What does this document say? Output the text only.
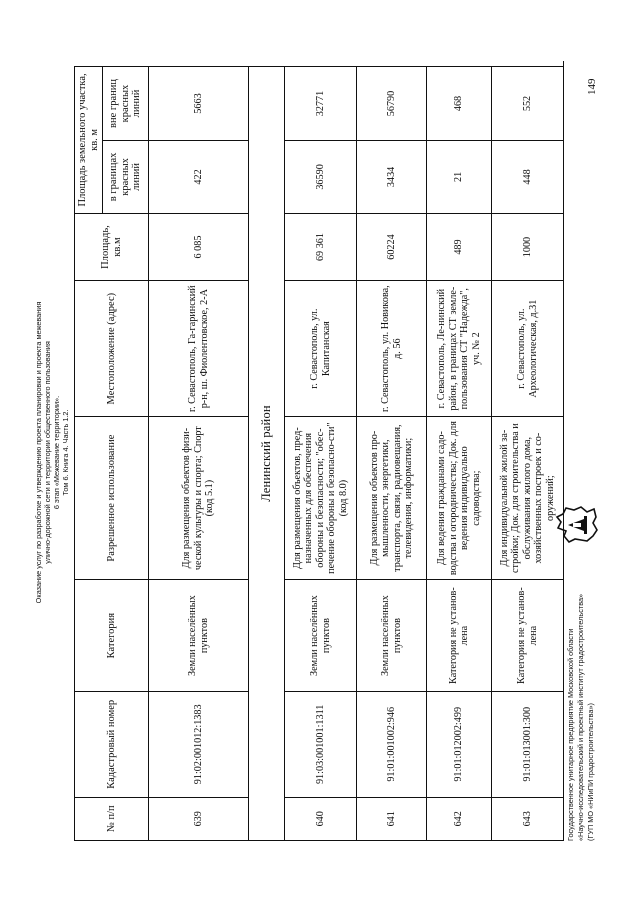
Оказание услуг по разработке и утверждению проекта планировки и проекта межевания улично-дорожной сети и территории общественного пользования 6 этап «Межевание территории». Том 6. Книга 4. Часть 1.2.
№ п/п	Кадастровый номер	Категория	Разрешенное использование	Местоположение (адрес)	Площадь, кв.м	Площадь земельного участка, кв. м	
						в границах красных линий	вне границ красных линий
639	91:02:001012:1383	Земли населённых пунктов	Для размещения объектов физи-ческой культуры и спорта; Спорт (код 5.1)	г. Севастополь, Га-гаринский р-н, ш. Фиолентовское, 2-А	6 085	422	5663
Ленинский район							
640	91:03:001001:1311	Земли населённых пунктов	Для размещения объектов, пред-назначенных для обеспечения обороны и безопасности; "обес-печение обороны и безопасно-сти" (код 8.0)	г. Севастополь, ул. Капитанская	69 361	36590	32771
641	91:01:001002:946	Земли населённых пунктов	Для размещения объектов про-мышленности, энергетики, транспорта, связи, радиовещания, телевидения, информатики;	г. Севастополь, ул. Новикова, д. 56	60224	3434	56790
642	91:01:012002:499	Категория не установ-лена	Для ведения гражданами садо-водства и огородничества; Док. для ведения индивидуально садоводства;	г. Севастополь, Ле-нинский район, в границах СТ земле-пользования СТ "Надежда", уч. № 2	489	21	468
643	91:01:013001:300	Категория не установ-лена	Для индивидуальной жилой за-стройки; Док. для строительства и обслуживания жилого дома, хозяйственных построек и со-оружений;	г. Севастополь, ул. Археологическая, д.31	1000	448	552
Государственное унитарное предприятие Московской области «Научно-исследовательский и проектный институт градостроительства» (ГУП МО «НИиПИ градостроительства»)
149
